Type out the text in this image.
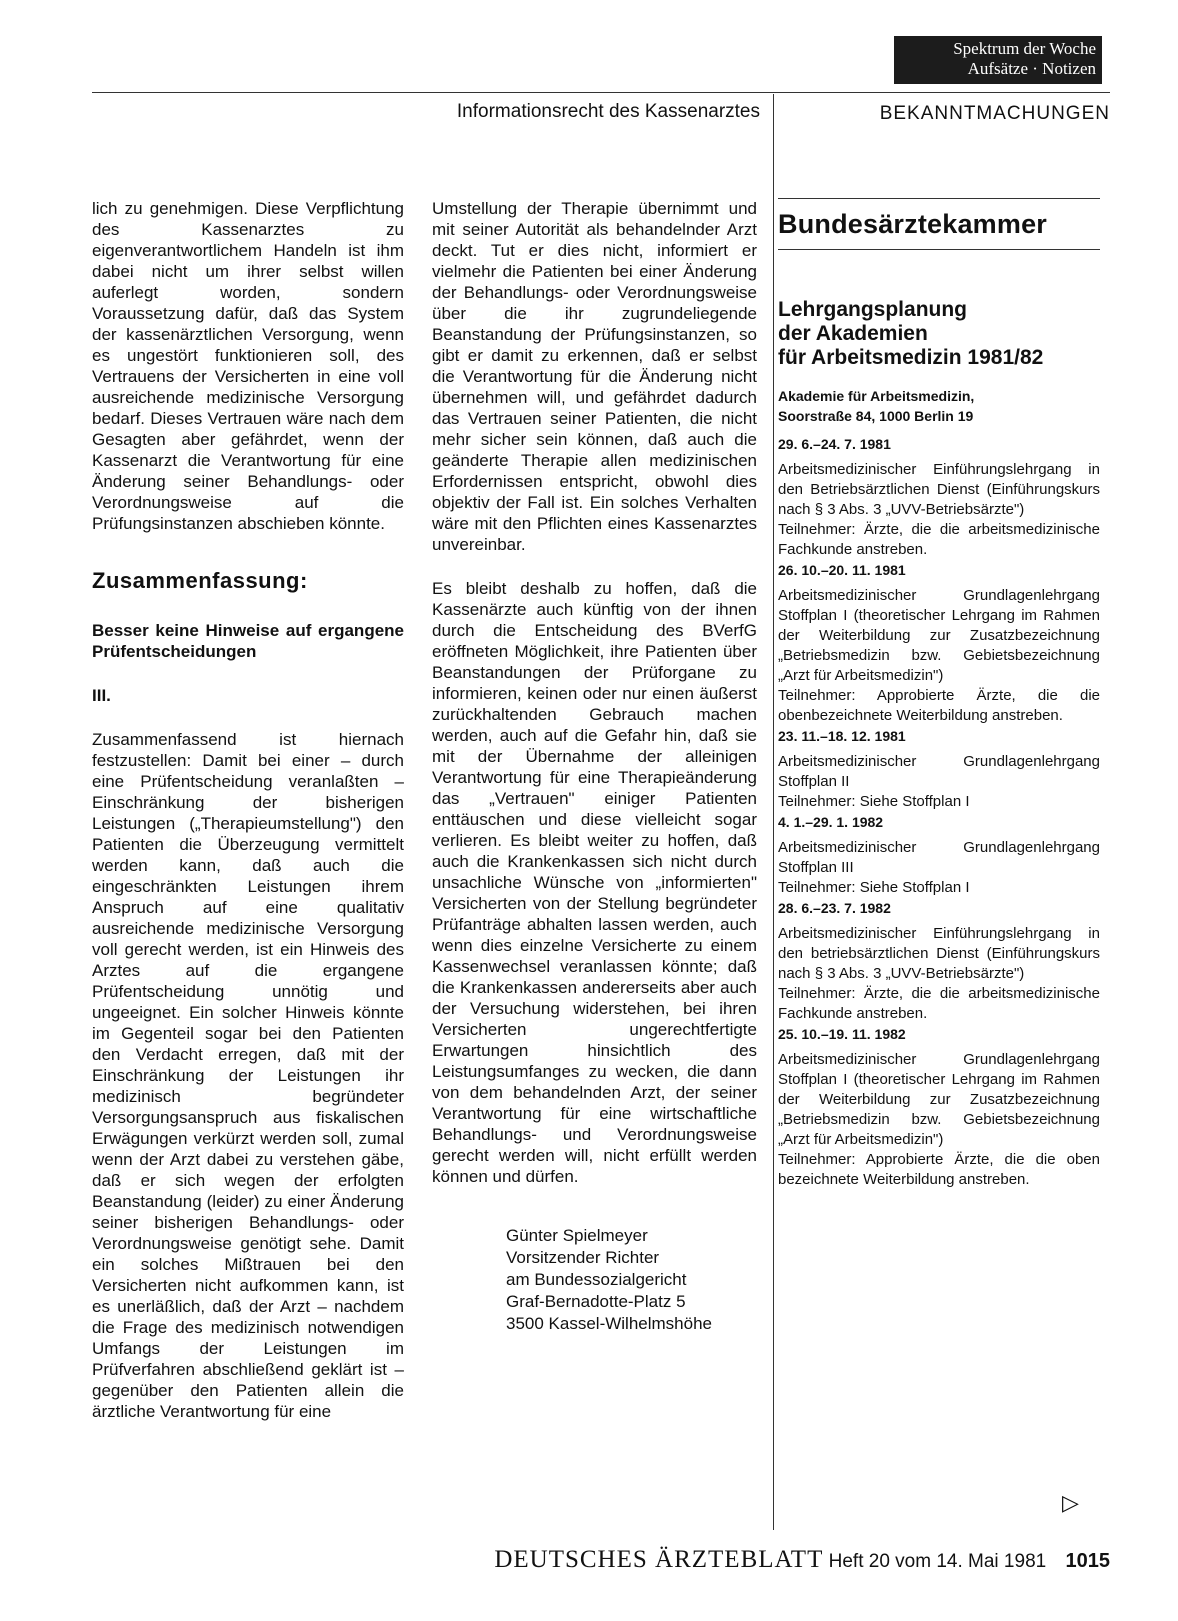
Spektrum der Woche
Aufsätze · Notizen
Informationsrecht des Kassenarztes	BEKANNTMACHUNGEN

lich zu genehmigen. Diese Verpflichtung des Kassenarztes zu eigenverantwortlichem Handeln ist ihm dabei nicht um ihrer selbst willen auferlegt worden, sondern Voraussetzung dafür, daß das System der kassenärztlichen Versorgung, wenn es ungestört funktionieren soll, des Vertrauens der Versicherten in eine voll ausreichende medizinische Versorgung bedarf. Dieses Vertrauen wäre nach dem Gesagten aber gefährdet, wenn der Kassenarzt die Verantwortung für eine Änderung seiner Behandlungs- oder Verordnungsweise auf die Prüfungsinstanzen abschieben könnte.

Zusammenfassung:
Besser keine Hinweise auf ergangene Prüfentscheidungen
III.

Zusammenfassend ist hiernach festzustellen: Damit bei einer – durch eine Prüfentscheidung veranlaßten – Einschränkung der bisherigen Leistungen („Therapieumstellung") den Patienten die Überzeugung vermittelt werden kann, daß auch die eingeschränkten Leistungen ihrem Anspruch auf eine qualitativ ausreichende medizinische Versorgung voll gerecht werden, ist ein Hinweis des Arztes auf die ergangene Prüfentscheidung unnötig und ungeeignet. Ein solcher Hinweis könnte im Gegenteil sogar bei den Patienten den Verdacht erregen, daß mit der Einschränkung der Leistungen ihr medizinisch begründeter Versorgungsanspruch aus fiskalischen Erwägungen verkürzt werden soll, zumal wenn der Arzt dabei zu verstehen gäbe, daß er sich wegen der erfolgten Beanstandung (leider) zu einer Änderung seiner bisherigen Behandlungs- oder Verordnungsweise genötigt sehe. Damit ein solches Mißtrauen bei den Versicherten nicht aufkommen kann, ist es unerläßlich, daß der Arzt – nachdem die Frage des medizinisch notwendigen Umfangs der Leistungen im Prüfverfahren abschließend geklärt ist – gegenüber den Patienten allein die ärztliche Verantwortung für eine

Umstellung der Therapie übernimmt und mit seiner Autorität als behandelnder Arzt deckt. Tut er dies nicht, informiert er vielmehr die Patienten bei einer Änderung der Behandlungs- oder Verordnungsweise über die ihr zugrundeliegende Beanstandung der Prüfungsinstanzen, so gibt er damit zu erkennen, daß er selbst die Verantwortung für die Änderung nicht übernehmen will, und gefährdet dadurch das Vertrauen seiner Patienten, die nicht mehr sicher sein können, daß auch die geänderte Therapie allen medizinischen Erfordernissen entspricht, obwohl dies objektiv der Fall ist. Ein solches Verhalten wäre mit den Pflichten eines Kassenarztes unvereinbar.

Es bleibt deshalb zu hoffen, daß die Kassenärzte auch künftig von der ihnen durch die Entscheidung des BVerfG eröffneten Möglichkeit, ihre Patienten über Beanstandungen der Prüforgane zu informieren, keinen oder nur einen äußerst zurückhaltenden Gebrauch machen werden, auch auf die Gefahr hin, daß sie mit der Übernahme der alleinigen Verantwortung für eine Therapieänderung das „Vertrauen" einiger Patienten enttäuschen und diese vielleicht sogar verlieren. Es bleibt weiter zu hoffen, daß auch die Krankenkassen sich nicht durch unsachliche Wünsche von „informierten" Versicherten von der Stellung begründeter Prüfanträge abhalten lassen werden, auch wenn dies einzelne Versicherte zu einem Kassenwechsel veranlassen könnte; daß die Krankenkassen andererseits aber auch der Versuchung widerstehen, bei ihren Versicherten ungerechtfertigte Erwartungen hinsichtlich des Leistungsumfanges zu wecken, die dann von dem behandelnden Arzt, der seiner Verantwortung für eine wirtschaftliche Behandlungs- und Verordnungsweise gerecht werden will, nicht erfüllt werden können und dürfen.

Günter Spielmeyer
Vorsitzender Richter
am Bundessozialgericht
Graf-Bernadotte-Platz 5
3500 Kassel-Wilhelmshöhe
Bundesärztekammer
Lehrgangsplanung
der Akademien
für Arbeitsmedizin 1981/82
Akademie für Arbeitsmedizin,
Soorstraße 84, 1000 Berlin 19
29. 6.–24. 7. 1981

Arbeitsmedizinischer Einführungslehrgang in den Betriebsärztlichen Dienst (Einführungskurs nach § 3 Abs. 3 „UVV-Betriebsärzte")

Teilnehmer: Ärzte, die die arbeitsmedizinische Fachkunde anstreben.

26. 10.–20. 11. 1981

Arbeitsmedizinischer Grundlagenlehrgang Stoffplan I (theoretischer Lehrgang im Rahmen der Weiterbildung zur Zusatzbezeichnung „Betriebsmedizin bzw. Gebietsbezeichnung „Arzt für Arbeitsmedizin")

Teilnehmer: Approbierte Ärzte, die die obenbezeichnete Weiterbildung anstreben.

23. 11.–18. 12. 1981

Arbeitsmedizinischer Grundlagenlehrgang Stoffplan II

Teilnehmer: Siehe Stoffplan I

4. 1.–29. 1. 1982

Arbeitsmedizinischer Grundlagenlehrgang Stoffplan III

Teilnehmer: Siehe Stoffplan I

28. 6.–23. 7. 1982

Arbeitsmedizinischer Einführungslehrgang in den betriebsärztlichen Dienst (Einführungskurs nach § 3 Abs. 3 „UVV-Betriebsärzte")

Teilnehmer: Ärzte, die die arbeitsmedizinische Fachkunde anstreben.

25. 10.–19. 11. 1982

Arbeitsmedizinischer Grundlagenlehrgang Stoffplan I (theoretischer Lehrgang im Rahmen der Weiterbildung zur Zusatzbezeichnung „Betriebsmedizin bzw. Gebietsbezeichnung „Arzt für Arbeitsmedizin")

Teilnehmer: Approbierte Ärzte, die die oben bezeichnete Weiterbildung anstreben.

▷
DEUTSCHES ÄRZTEBLATT Heft 20 vom 14. Mai 1981 1015
